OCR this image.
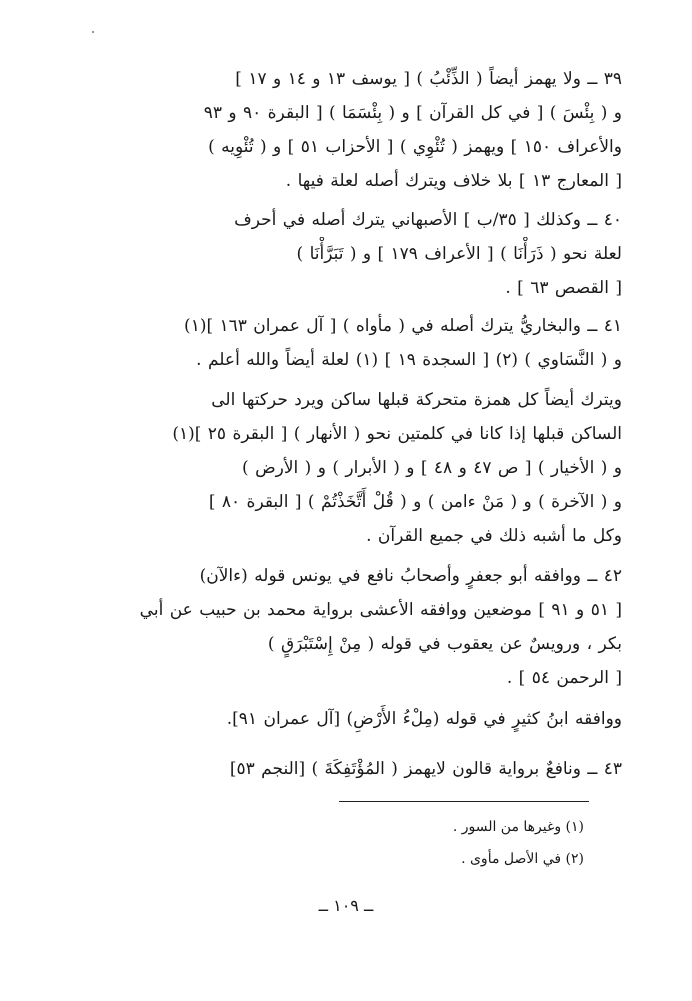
٣٩ ــ ولا يهمز أيضاً ( الذِّئْبُ ) [ يوسف ١٣ و ١٤ و ١٧ ]
و ( بِئْسَ ) [ في كل القرآن ] و ( بِئْسَمَا ) [ البقرة ٩٠ و ٩٣
والأعراف ١٥٠ ] ويهمز ( تُئْوِي ) [ الأحزاب ٥١ ] و ( تُئْوِيه )
[ المعارج ١٣ ] بلا خلاف ويترك أصله لعلة فيها .
٤٠ ــ وكذلك [ ٣٥/ب ] الأصبهاني يترك أصله في أحرف
لعلة نحو ( ذَرَأْنَا ) [ الأعراف ١٧٩ ] و ( تَبَرَّأْنَا )
[ القصص ٦٣ ] .
٤١ ــ والبخاريُّ يترك أصله في ( مأواه ) [ آل عمران ١٦٣ ](١)
و ( النَّسَاوي ) (٢) [ السجدة ١٩ ] (١) لعلة أيضاً والله أعلم .
ويترك أيضاً كل همزة متحركة قبلها ساكن ويرد حركتها الى
الساكن قبلها إذا كانا في كلمتين نحو ( الأنهار ) [ البقرة ٢٥ ](١)
و ( الأخيار ) [ ص ٤٧ و ٤٨ ] و ( الأبرار ) و ( الأرض )
و ( الآخرة ) و ( مَنْ ءامن ) و ( قُلْ أَتَّخَذْتُمْ ) [ البقرة ٨٠ ]
وكل ما أشبه ذلك في جميع القرآن .
٤٢ ــ ووافقه أبو جعفرٍ وأصحابُ نافع في يونس قوله (ءالآن)
[ ٥١ و ٩١ ] موضعين ووافقه الأعشى برواية محمد بن حبيب عن أبي
بكر ، ورويسٌ عن يعقوب في قوله ( مِنْ إِسْتَبْرَقٍ )
[ الرحمن ٥٤ ] .
ووافقه ابنُ كثيرٍ في قوله (مِلْءُ الأَرْضِ) [آل عمران ٩١].
٤٣ ــ ونافعٌ برواية قالون لايهمز ( المُؤْتَفِكَةَ ) [النجم ٥٣]
(١) وغيرها من السور .
(٢) في الأصل مأوى .
ــ ١٠٩ ــ
